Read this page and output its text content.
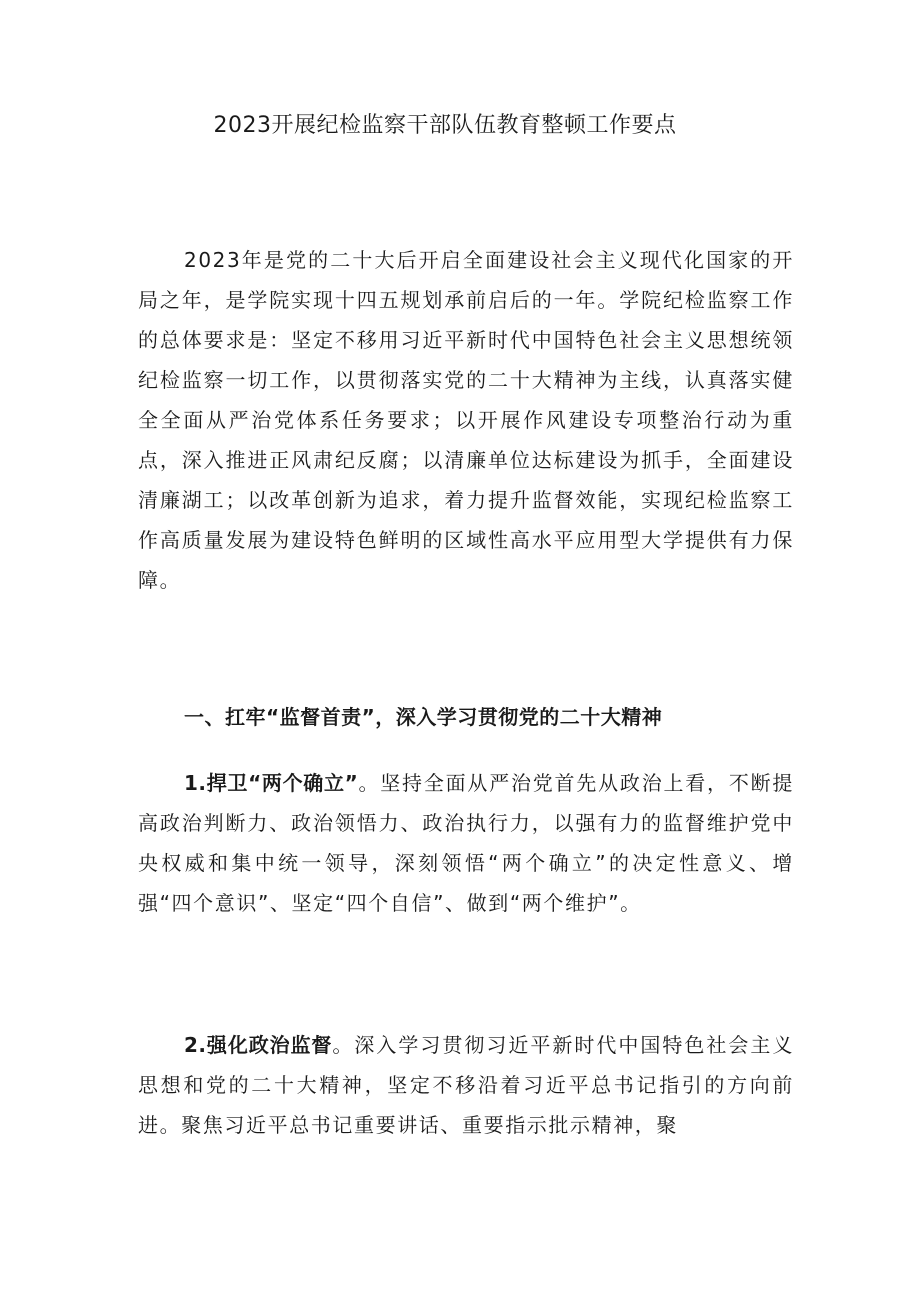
2023开展纪检监察干部队伍教育整顿工作要点

2023年是党的二十大后开启全面建设社会主义现代化国家的开局之年，是学院实现十四五规划承前启后的一年。学院纪检监察工作的总体要求是：坚定不移用习近平新时代中国特色社会主义思想统领纪检监察一切工作，以贯彻落实党的二十大精神为主线，认真落实健全全面从严治党体系任务要求；以开展作风建设专项整治行动为重点，深入推进正风肃纪反腐；以清廉单位达标建设为抓手，全面建设清廉湖工；以改革创新为追求，着力提升监督效能，实现纪检监察工作高质量发展为建设特色鲜明的区域性高水平应用型大学提供有力保障。

一、扛牢“监督首责”，深入学习贯彻党的二十大精神

1.捍卫“两个确立”。坚持全面从严治党首先从政治上看，不断提高政治判断力、政治领悟力、政治执行力，以强有力的监督维护党中央权威和集中统一领导，深刻领悟“两个确立”的决定性意义、增强“四个意识”、坚定“四个自信”、做到“两个维护”。

2.强化政治监督。深入学习贯彻习近平新时代中国特色社会主义思想和党的二十大精神，坚定不移沿着习近平总书记指引的方向前进。聚焦习近平总书记重要讲话、重要指示批示精神，聚
